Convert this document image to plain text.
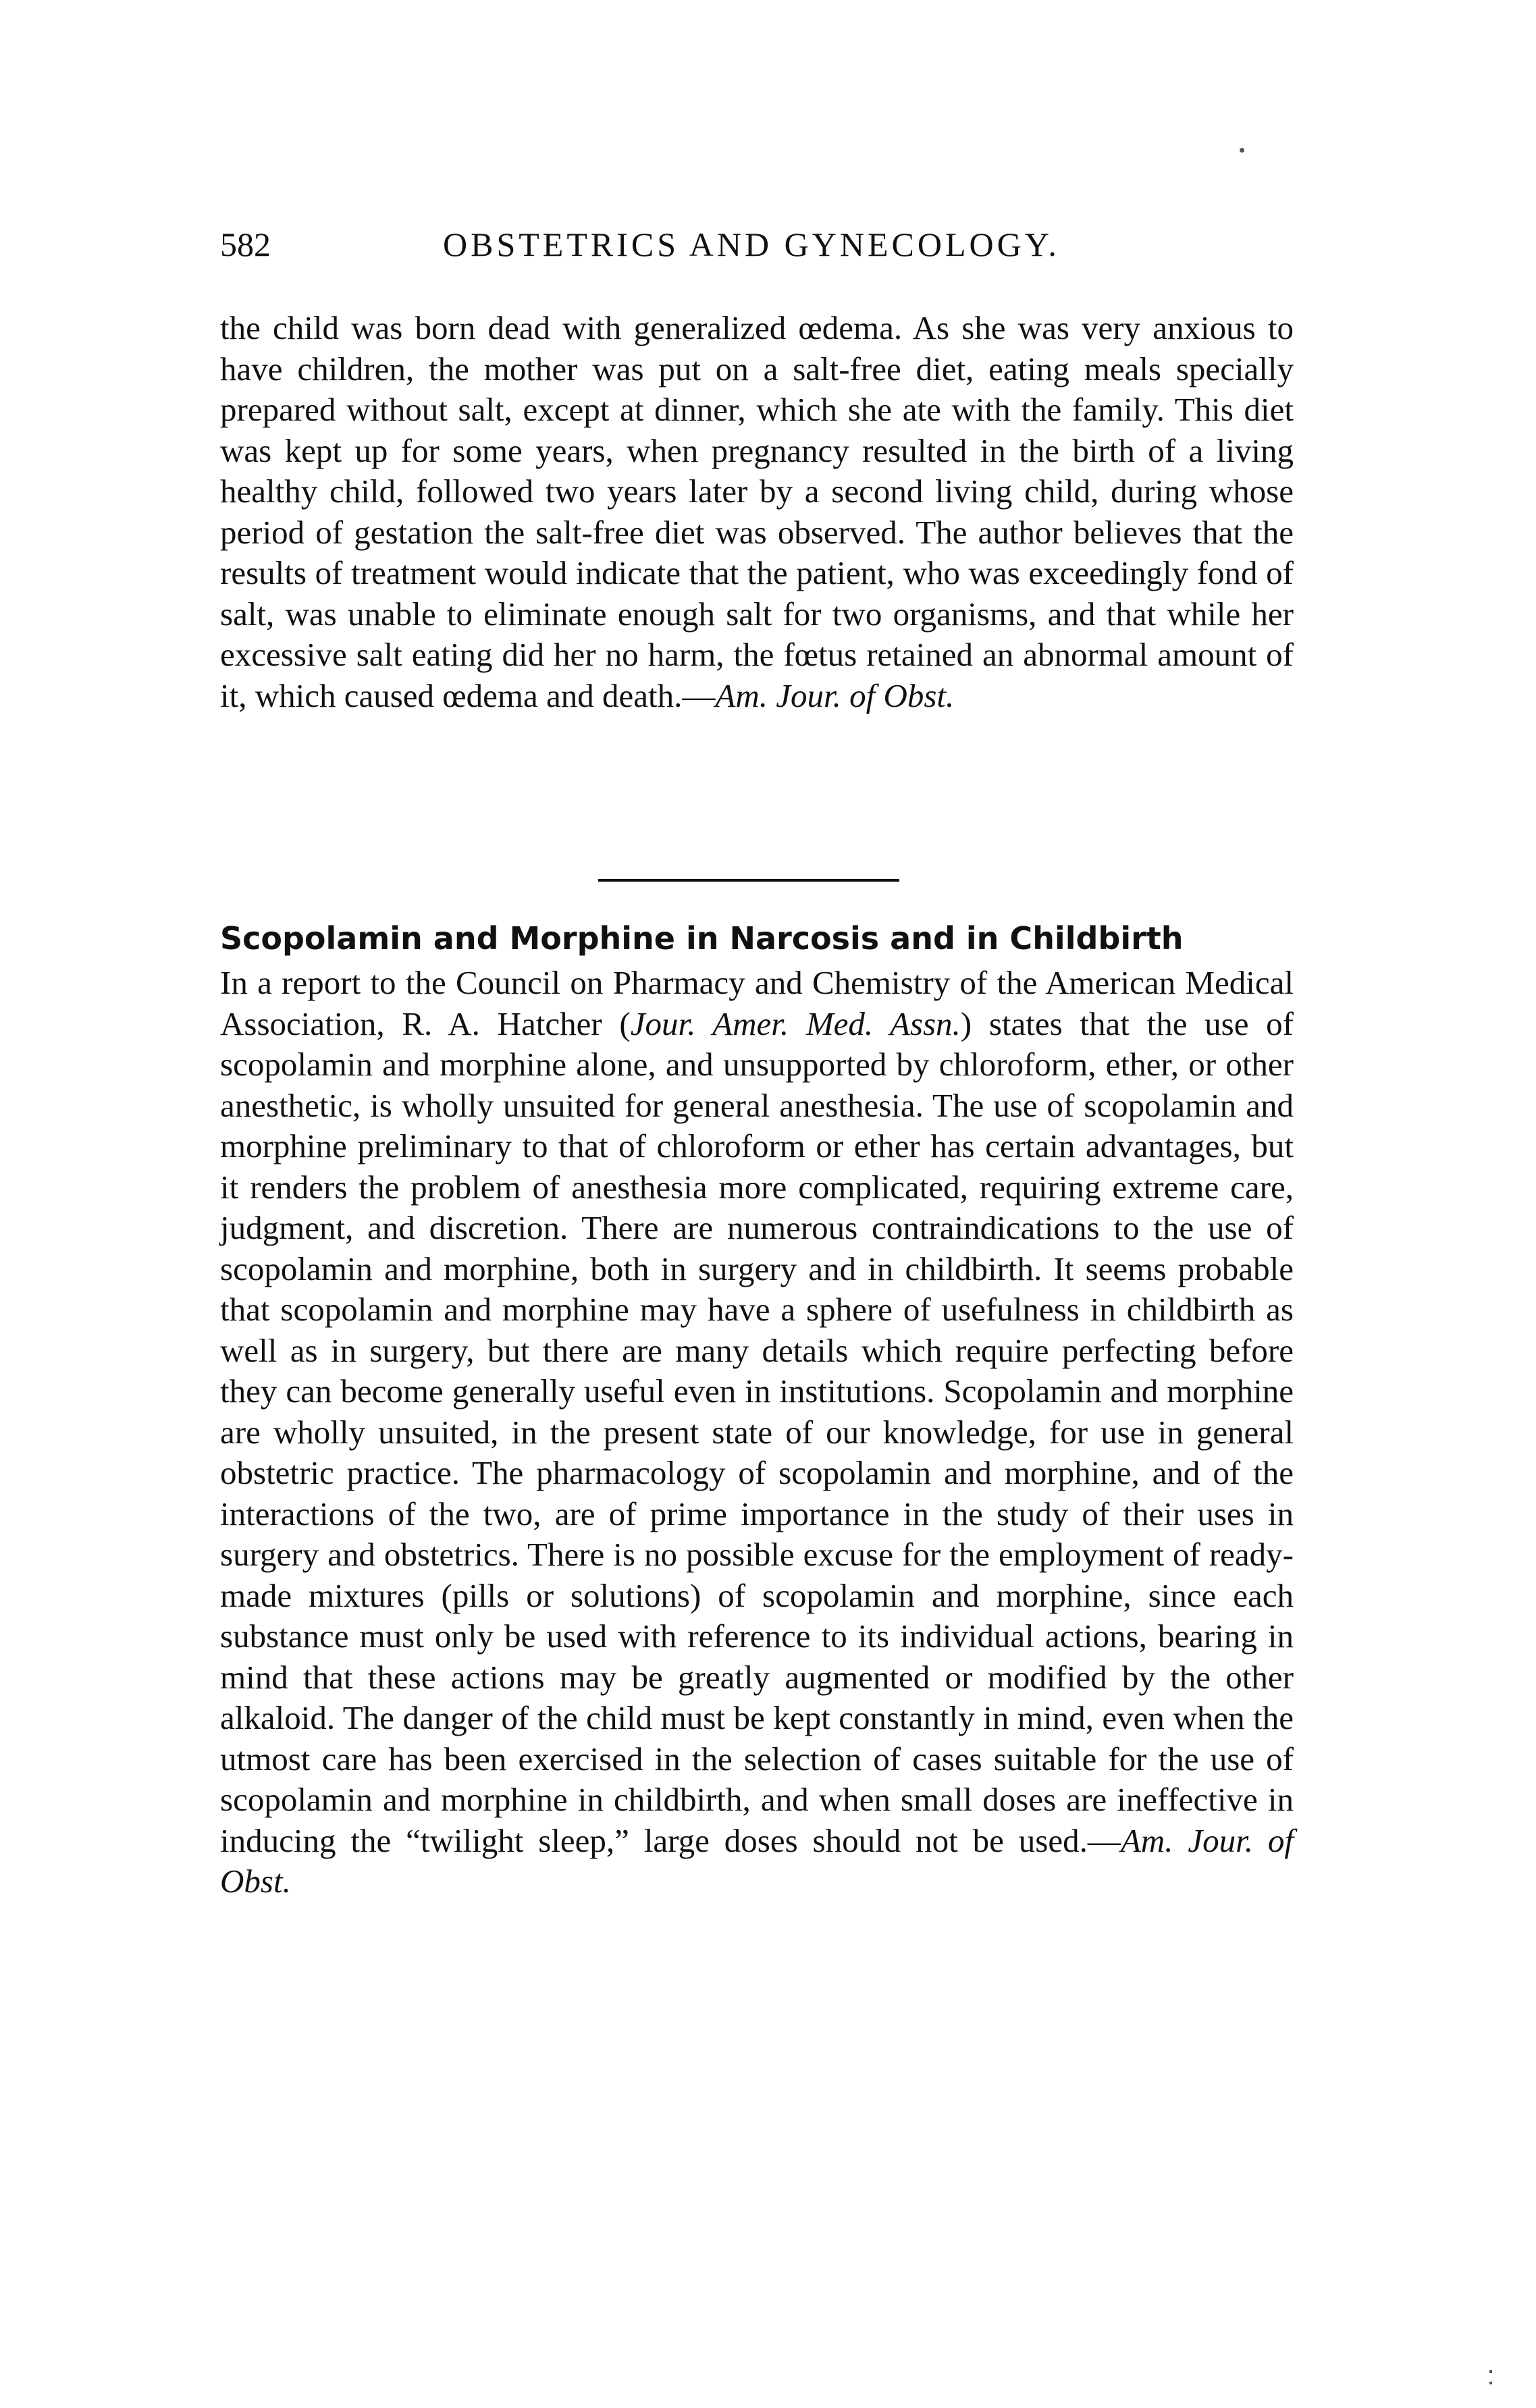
582	OBSTETRICS AND GYNECOLOGY.

the child was born dead with generalized œdema. As she was very anxious to have children, the mother was put on a salt-free diet, eating meals specially prepared without salt, except at dinner, which she ate with the family. This diet was kept up for some years, when pregnancy resulted in the birth of a living healthy child, followed two years later by a second living child, during whose period of gestation the salt-free diet was observed. The author believes that the results of treatment would indicate that the patient, who was exceedingly fond of salt, was unable to eliminate enough salt for two organisms, and that while her excessive salt eating did her no harm, the fœtus retained an abnormal amount of it, which caused œdema and death.—Am. Jour. of Obst.

Scopolamin and Morphine in Narcosis and in Childbirth

In a report to the Council on Pharmacy and Chemistry of the American Medical Association, R. A. Hatcher (Jour. Amer. Med. Assn.) states that the use of scopolamin and morphine alone, and unsupported by chloroform, ether, or other anesthetic, is wholly unsuited for general anesthesia. The use of scopolamin and morphine preliminary to that of chloroform or ether has certain advantages, but it renders the problem of anesthesia more complicated, requiring extreme care, judgment, and discretion. There are numerous contraindications to the use of scopolamin and morphine, both in surgery and in childbirth. It seems probable that scopolamin and morphine may have a sphere of usefulness in childbirth as well as in surgery, but there are many details which require perfecting before they can become generally useful even in institutions. Scopolamin and morphine are wholly unsuited, in the present state of our knowledge, for use in general obstetric practice. The pharmacology of scopolamin and morphine, and of the interactions of the two, are of prime importance in the study of their uses in surgery and obstetrics. There is no possible excuse for the employment of ready-made mixtures (pills or solutions) of scopolamin and morphine, since each substance must only be used with reference to its individual actions, bearing in mind that these actions may be greatly augmented or modified by the other alkaloid. The danger of the child must be kept constantly in mind, even when the utmost care has been exercised in the selection of cases suitable for the use of scopolamin and morphine in childbirth, and when small doses are ineffective in inducing the “twilight sleep,” large doses should not be used.—Am. Jour. of Obst.
